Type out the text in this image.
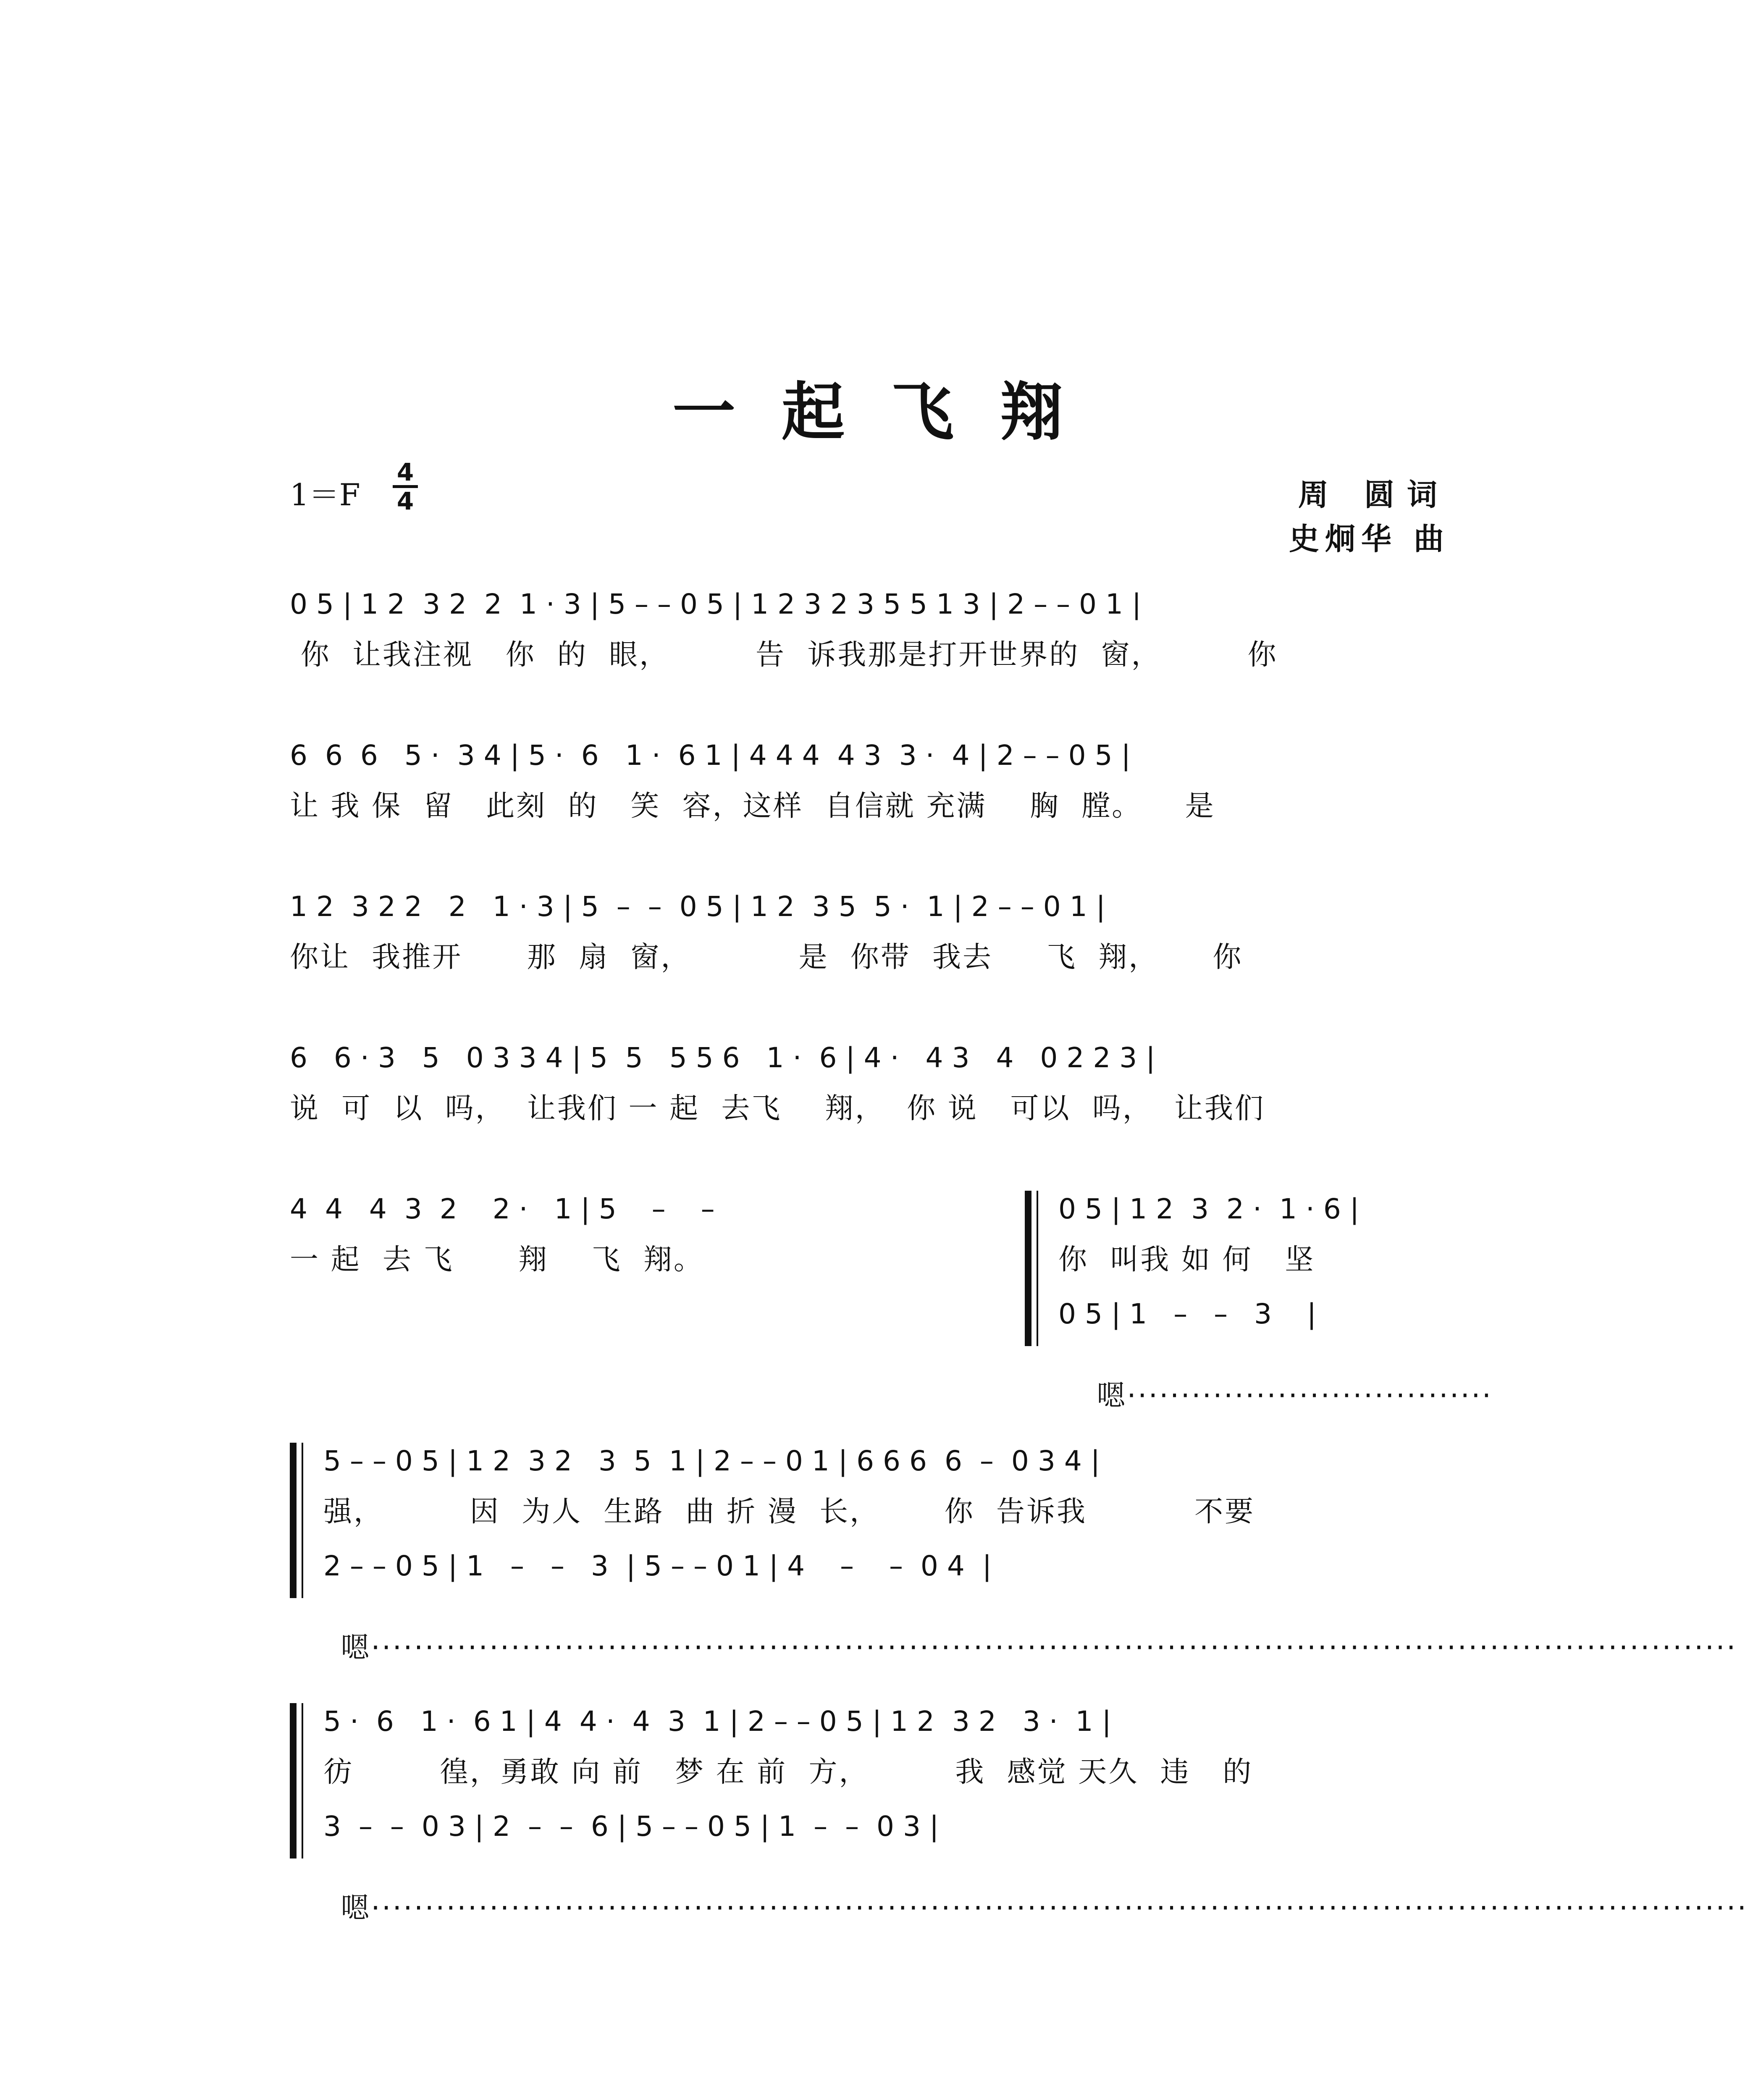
一起飞翔
1＝F
4
4	周 圆词
史炯华 曲
0 5 | 1 2  3 2  2  1 · 3 | 5 – – 0 5 | 1 2 3 2 3 5 5 1 3 | 2 – – 0 1 |
你  让我注视   你  的  眼，        告  诉我那是打开世界的  窗，        你
6  6  6   5 ·  3 4 | 5 ·  6   1 ·  6 1 | 4 4 4  4 3  3 ·  4 | 2 – – 0 5 |
让 我 保  留   此刻  的   笑  容，这样  自信就 充满    胸  膛。    是
1 2  3 2 2   2   1 · 3 | 5  –  –  0 5 | 1 2  3 5  5 ·  1 | 2 – – 0 1 |
你让  我推开      那  扇  窗，          是  你带  我去     飞  翔，     你
6   6 · 3   5   0 3 3 4 | 5  5   5 5 6   1 ·  6 | 4 ·   4 3   4   0 2 2 3 |
说  可  以  吗，  让我们 一 起  去飞    翔，  你 说   可以  吗，  让我们
4  4   4  3  2    2 ·   1 | 5    –    –
一 起  去 飞      翔    飞  翔。
0 5 | 1 2  3  2 ·  1 · 6 |
你  叫我 如 何   坚
0 5 | 1   –   –   3    |

嗯··································

5 – – 0 5 | 1 2  3 2   3  5  1 | 2 – – 0 1 | 6 6 6  6  –  0 3 4 |
强，        因  为人  生路  曲 折 漫  长，      你  告诉我          不要
2 – – 0 5 | 1   –   –   3  | 5 – – 0 1 | 4    –    –  0 4  |

嗯·······························································································································

5 ·  6   1 ·  6 1 | 4  4 ·  4  3  1 | 2 – – 0 5 | 1 2  3 2   3 ·  1 |
彷        徨，勇敢 向 前   梦 在 前  方，        我  感觉 天久  违   的
3  –  –  0 3 | 2  –  –  6 | 5 – – 0 5 | 1  –  –  0 3 |

嗯································································································································
